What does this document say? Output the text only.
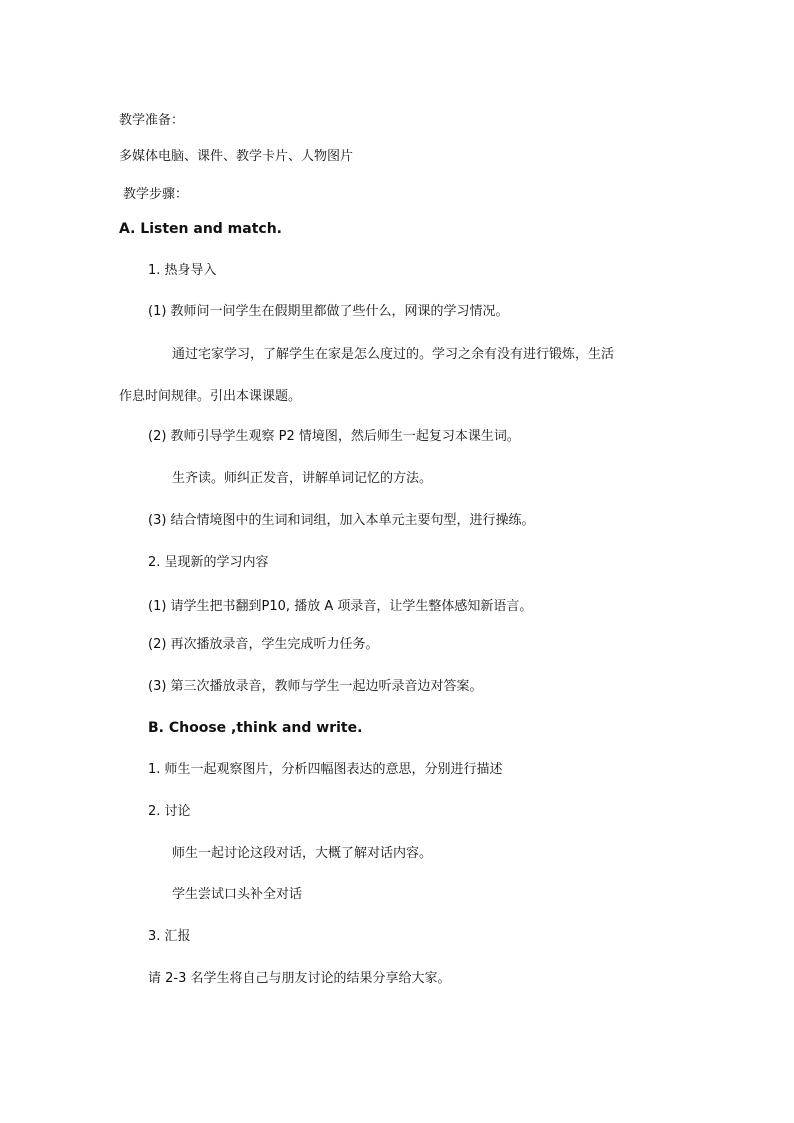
教学准备：
多媒体电脑、课件、教学卡片、人物图片
教学步骤：
A. Listen and match.
1. 热身导入
(1) 教师问一问学生在假期里都做了些什么，网课的学习情况。
通过宅家学习，了解学生在家是怎么度过的。学习之余有没有进行锻炼，生活
作息时间规律。引出本课课题。
(2) 教师引导学生观察 P2 情境图，然后师生一起复习本课生词。
生齐读。师纠正发音，讲解单词记忆的方法。
(3) 结合情境图中的生词和词组，加入本单元主要句型，进行操练。
2. 呈现新的学习内容
(1) 请学生把书翻到P10, 播放 A 项录音，让学生整体感知新语言。
(2) 再次播放录音，学生完成听力任务。
(3) 第三次播放录音，教师与学生一起边听录音边对答案。
B. Choose ,think and write.
1. 师生一起观察图片，分析四幅图表达的意思，分别进行描述
2. 讨论
师生一起讨论这段对话，大概了解对话内容。
学生尝试口头补全对话
3. 汇报
请 2-3 名学生将自己与朋友讨论的结果分享给大家。
